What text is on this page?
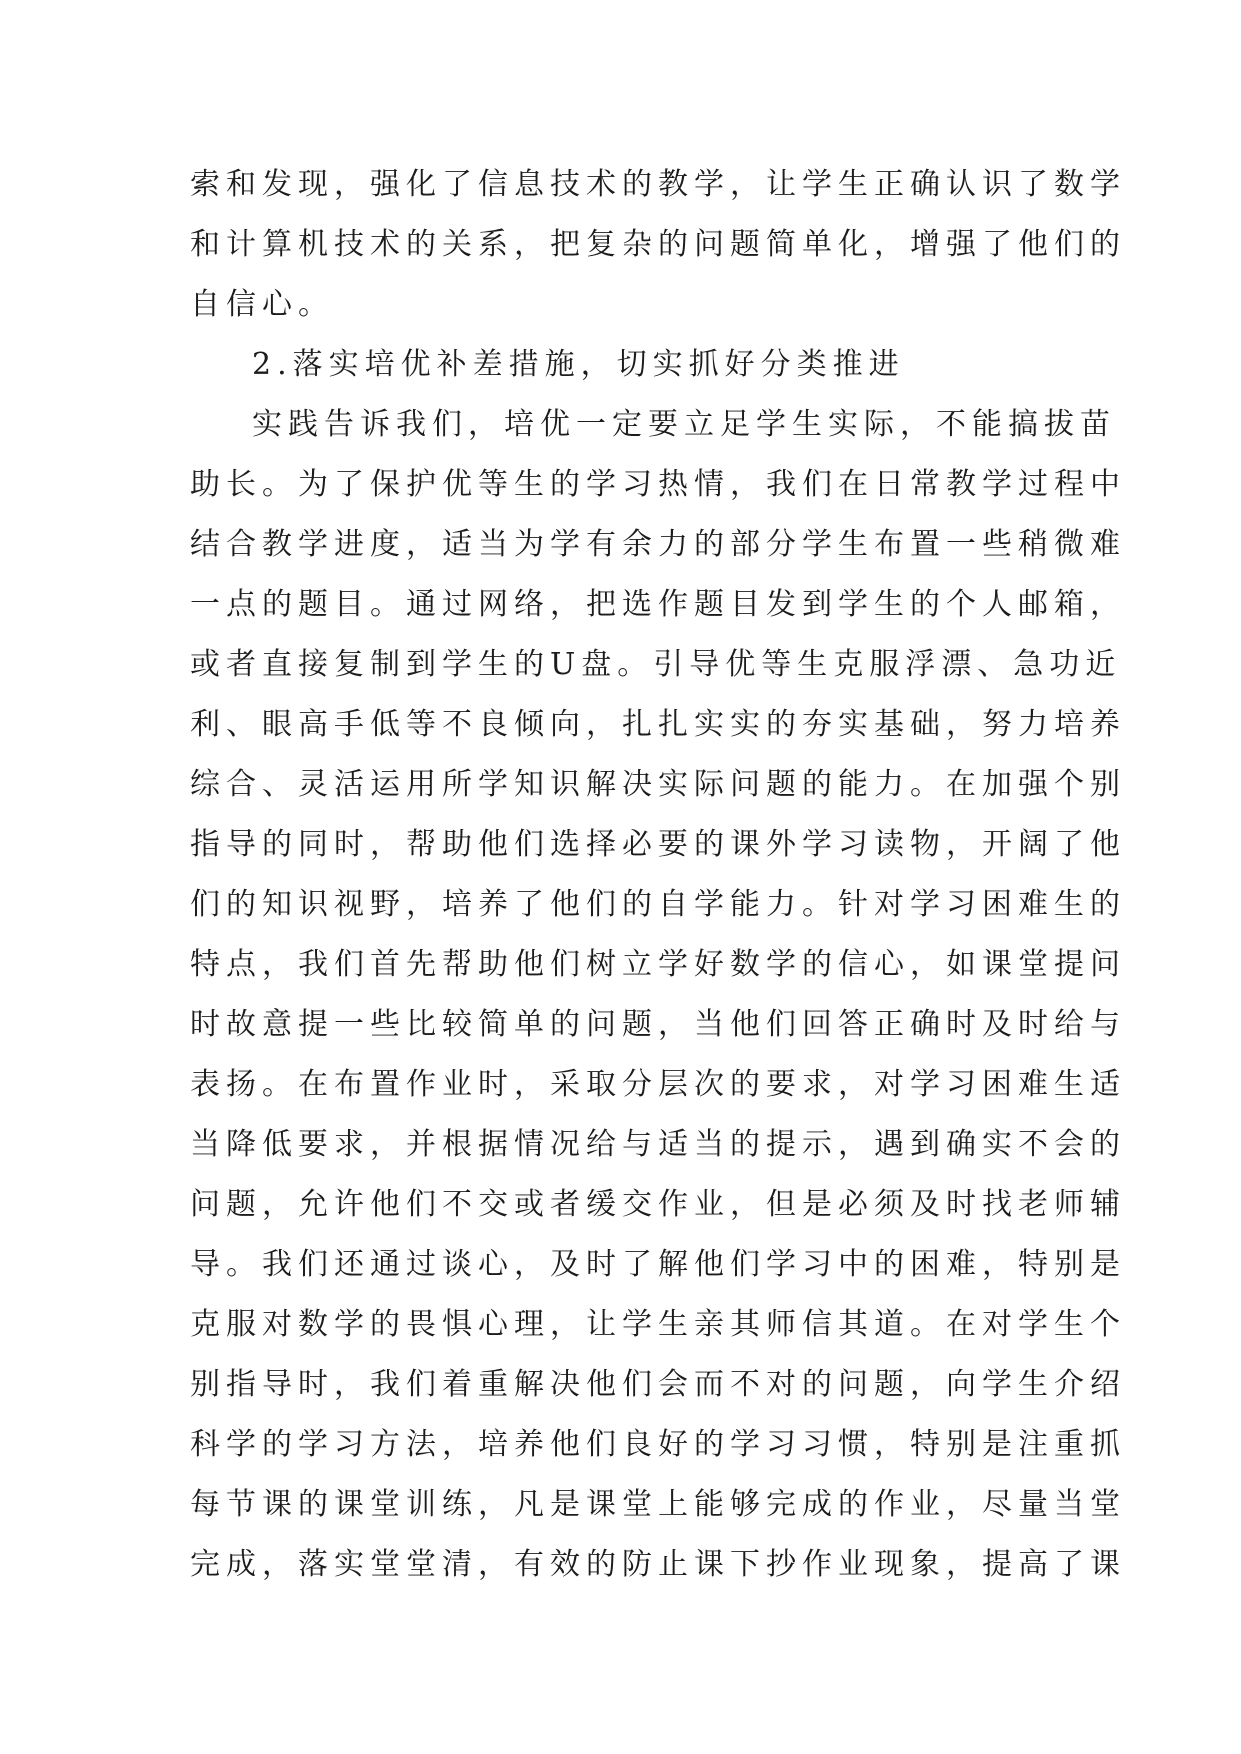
索和发现，强化了信息技术的教学，让学生正确认识了数学
和计算机技术的关系，把复杂的问题简单化，增强了他们的
自信心。
2.落实培优补差措施，切实抓好分类推进
实践告诉我们，培优一定要立足学生实际，不能搞拔苗
助长。为了保护优等生的学习热情，我们在日常教学过程中
结合教学进度，适当为学有余力的部分学生布置一些稍微难
一点的题目。通过网络，把选作题目发到学生的个人邮箱，
或者直接复制到学生的U盘。引导优等生克服浮漂、急功近
利、眼高手低等不良倾向，扎扎实实的夯实基础，努力培养
综合、灵活运用所学知识解决实际问题的能力。在加强个别
指导的同时，帮助他们选择必要的课外学习读物，开阔了他
们的知识视野，培养了他们的自学能力。针对学习困难生的
特点，我们首先帮助他们树立学好数学的信心，如课堂提问
时故意提一些比较简单的问题，当他们回答正确时及时给与
表扬。在布置作业时，采取分层次的要求，对学习困难生适
当降低要求，并根据情况给与适当的提示，遇到确实不会的
问题，允许他们不交或者缓交作业，但是必须及时找老师辅
导。我们还通过谈心，及时了解他们学习中的困难，特别是
克服对数学的畏惧心理，让学生亲其师信其道。在对学生个
别指导时，我们着重解决他们会而不对的问题，向学生介绍
科学的学习方法，培养他们良好的学习习惯，特别是注重抓
每节课的课堂训练，凡是课堂上能够完成的作业，尽量当堂
完成，落实堂堂清，有效的防止课下抄作业现象，提高了课
